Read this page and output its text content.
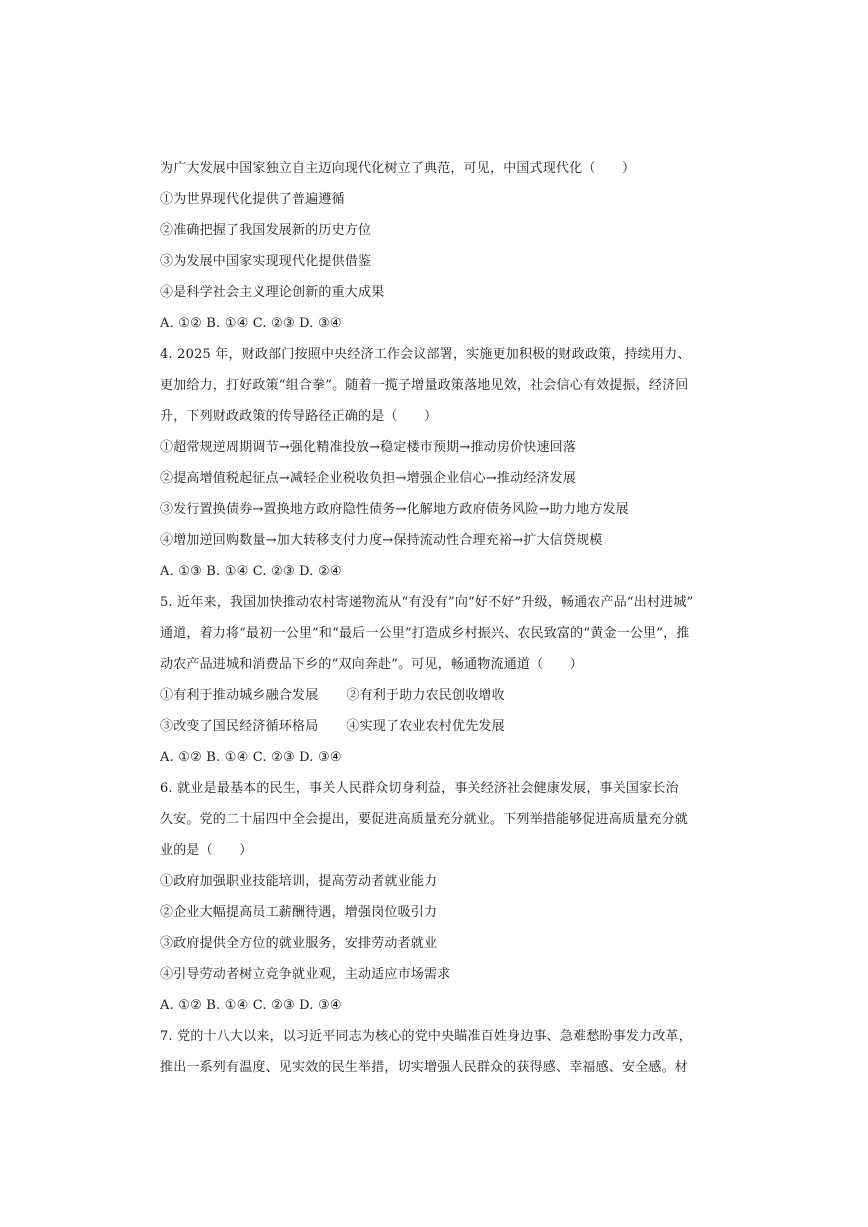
为广大发展中国家独立自主迈向现代化树立了典范，可见，中国式现代化（　　）
①为世界现代化提供了普遍遵循
②准确把握了我国发展新的历史方位
③为发展中国家实现现代化提供借鉴
④是科学社会主义理论创新的重大成果
A. ①② B. ①④ C. ②③ D. ③④
4. 2025 年，财政部门按照中央经济工作会议部署，实施更加积极的财政政策，持续用力、
更加给力，打好政策“组合拳”。随着一揽子增量政策落地见效，社会信心有效提振，经济回
升，下列财政政策的传导路径正确的是（　　）
①超常规逆周期调节→强化精准投放→稳定楼市预期→推动房价快速回落
②提高增值税起征点→减轻企业税收负担→增强企业信心→推动经济发展
③发行置换债券→置换地方政府隐性债务→化解地方政府债务风险→助力地方发展
④增加逆回购数量→加大转移支付力度→保持流动性合理充裕→扩大信贷规模
A. ①③ B. ①④ C. ②③ D. ②④
5. 近年来，我国加快推动农村寄递物流从“有没有”向“好不好”升级，畅通农产品“出村进城”
通道，着力将“最初一公里”和“最后一公里”打造成乡村振兴、农民致富的“黄金一公里”，推
动农产品进城和消费品下乡的“双向奔赴”。可见，畅通物流通道（　　）
①有利于推动城乡融合发展 ②有利于助力农民创收增收
③改变了国民经济循环格局 ④实现了农业农村优先发展
A. ①② B. ①④ C. ②③ D. ③④
6. 就业是最基本的民生，事关人民群众切身利益，事关经济社会健康发展，事关国家长治
久安。党的二十届四中全会提出，要促进高质量充分就业。下列举措能够促进高质量充分就
业的是（　　）
①政府加强职业技能培训，提高劳动者就业能力
②企业大幅提高员工薪酬待遇，增强岗位吸引力
③政府提供全方位的就业服务，安排劳动者就业
④引导劳动者树立竞争就业观，主动适应市场需求
A. ①② B. ①④ C. ②③ D. ③④
7. 党的十八大以来，以习近平同志为核心的党中央瞄准百姓身边事、急难愁盼事发力改革，
推出一系列有温度、见实效的民生举措，切实增强人民群众的获得感、幸福感、安全感。材
